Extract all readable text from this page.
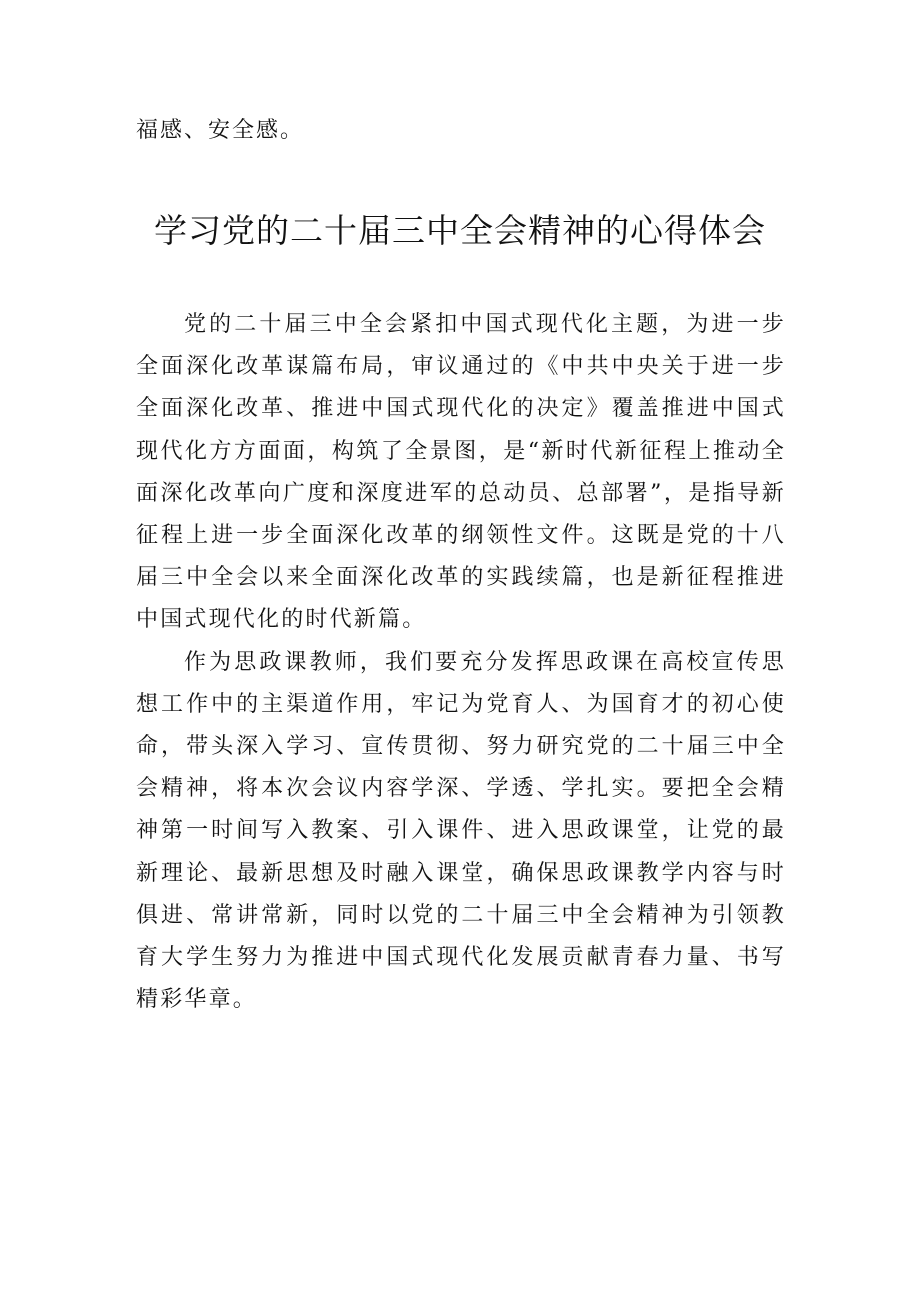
福感、安全感。
学习党的二十届三中全会精神的心得体会

党的二十届三中全会紧扣中国式现代化主题，为进一步全面深化改革谋篇布局，审议通过的《中共中央关于进一步全面深化改革、推进中国式现代化的决定》覆盖推进中国式现代化方方面面，构筑了全景图，是“新时代新征程上推动全面深化改革向广度和深度进军的总动员、总部署”，是指导新征程上进一步全面深化改革的纲领性文件。这既是党的十八届三中全会以来全面深化改革的实践续篇，也是新征程推进中国式现代化的时代新篇。

作为思政课教师，我们要充分发挥思政课在高校宣传思想工作中的主渠道作用，牢记为党育人、为国育才的初心使命，带头深入学习、宣传贯彻、努力研究党的二十届三中全会精神，将本次会议内容学深、学透、学扎实。要把全会精神第一时间写入教案、引入课件、进入思政课堂，让党的最新理论、最新思想及时融入课堂，确保思政课教学内容与时俱进、常讲常新，同时以党的二十届三中全会精神为引领教育大学生努力为推进中国式现代化发展贡献青春力量、书写精彩华章。
